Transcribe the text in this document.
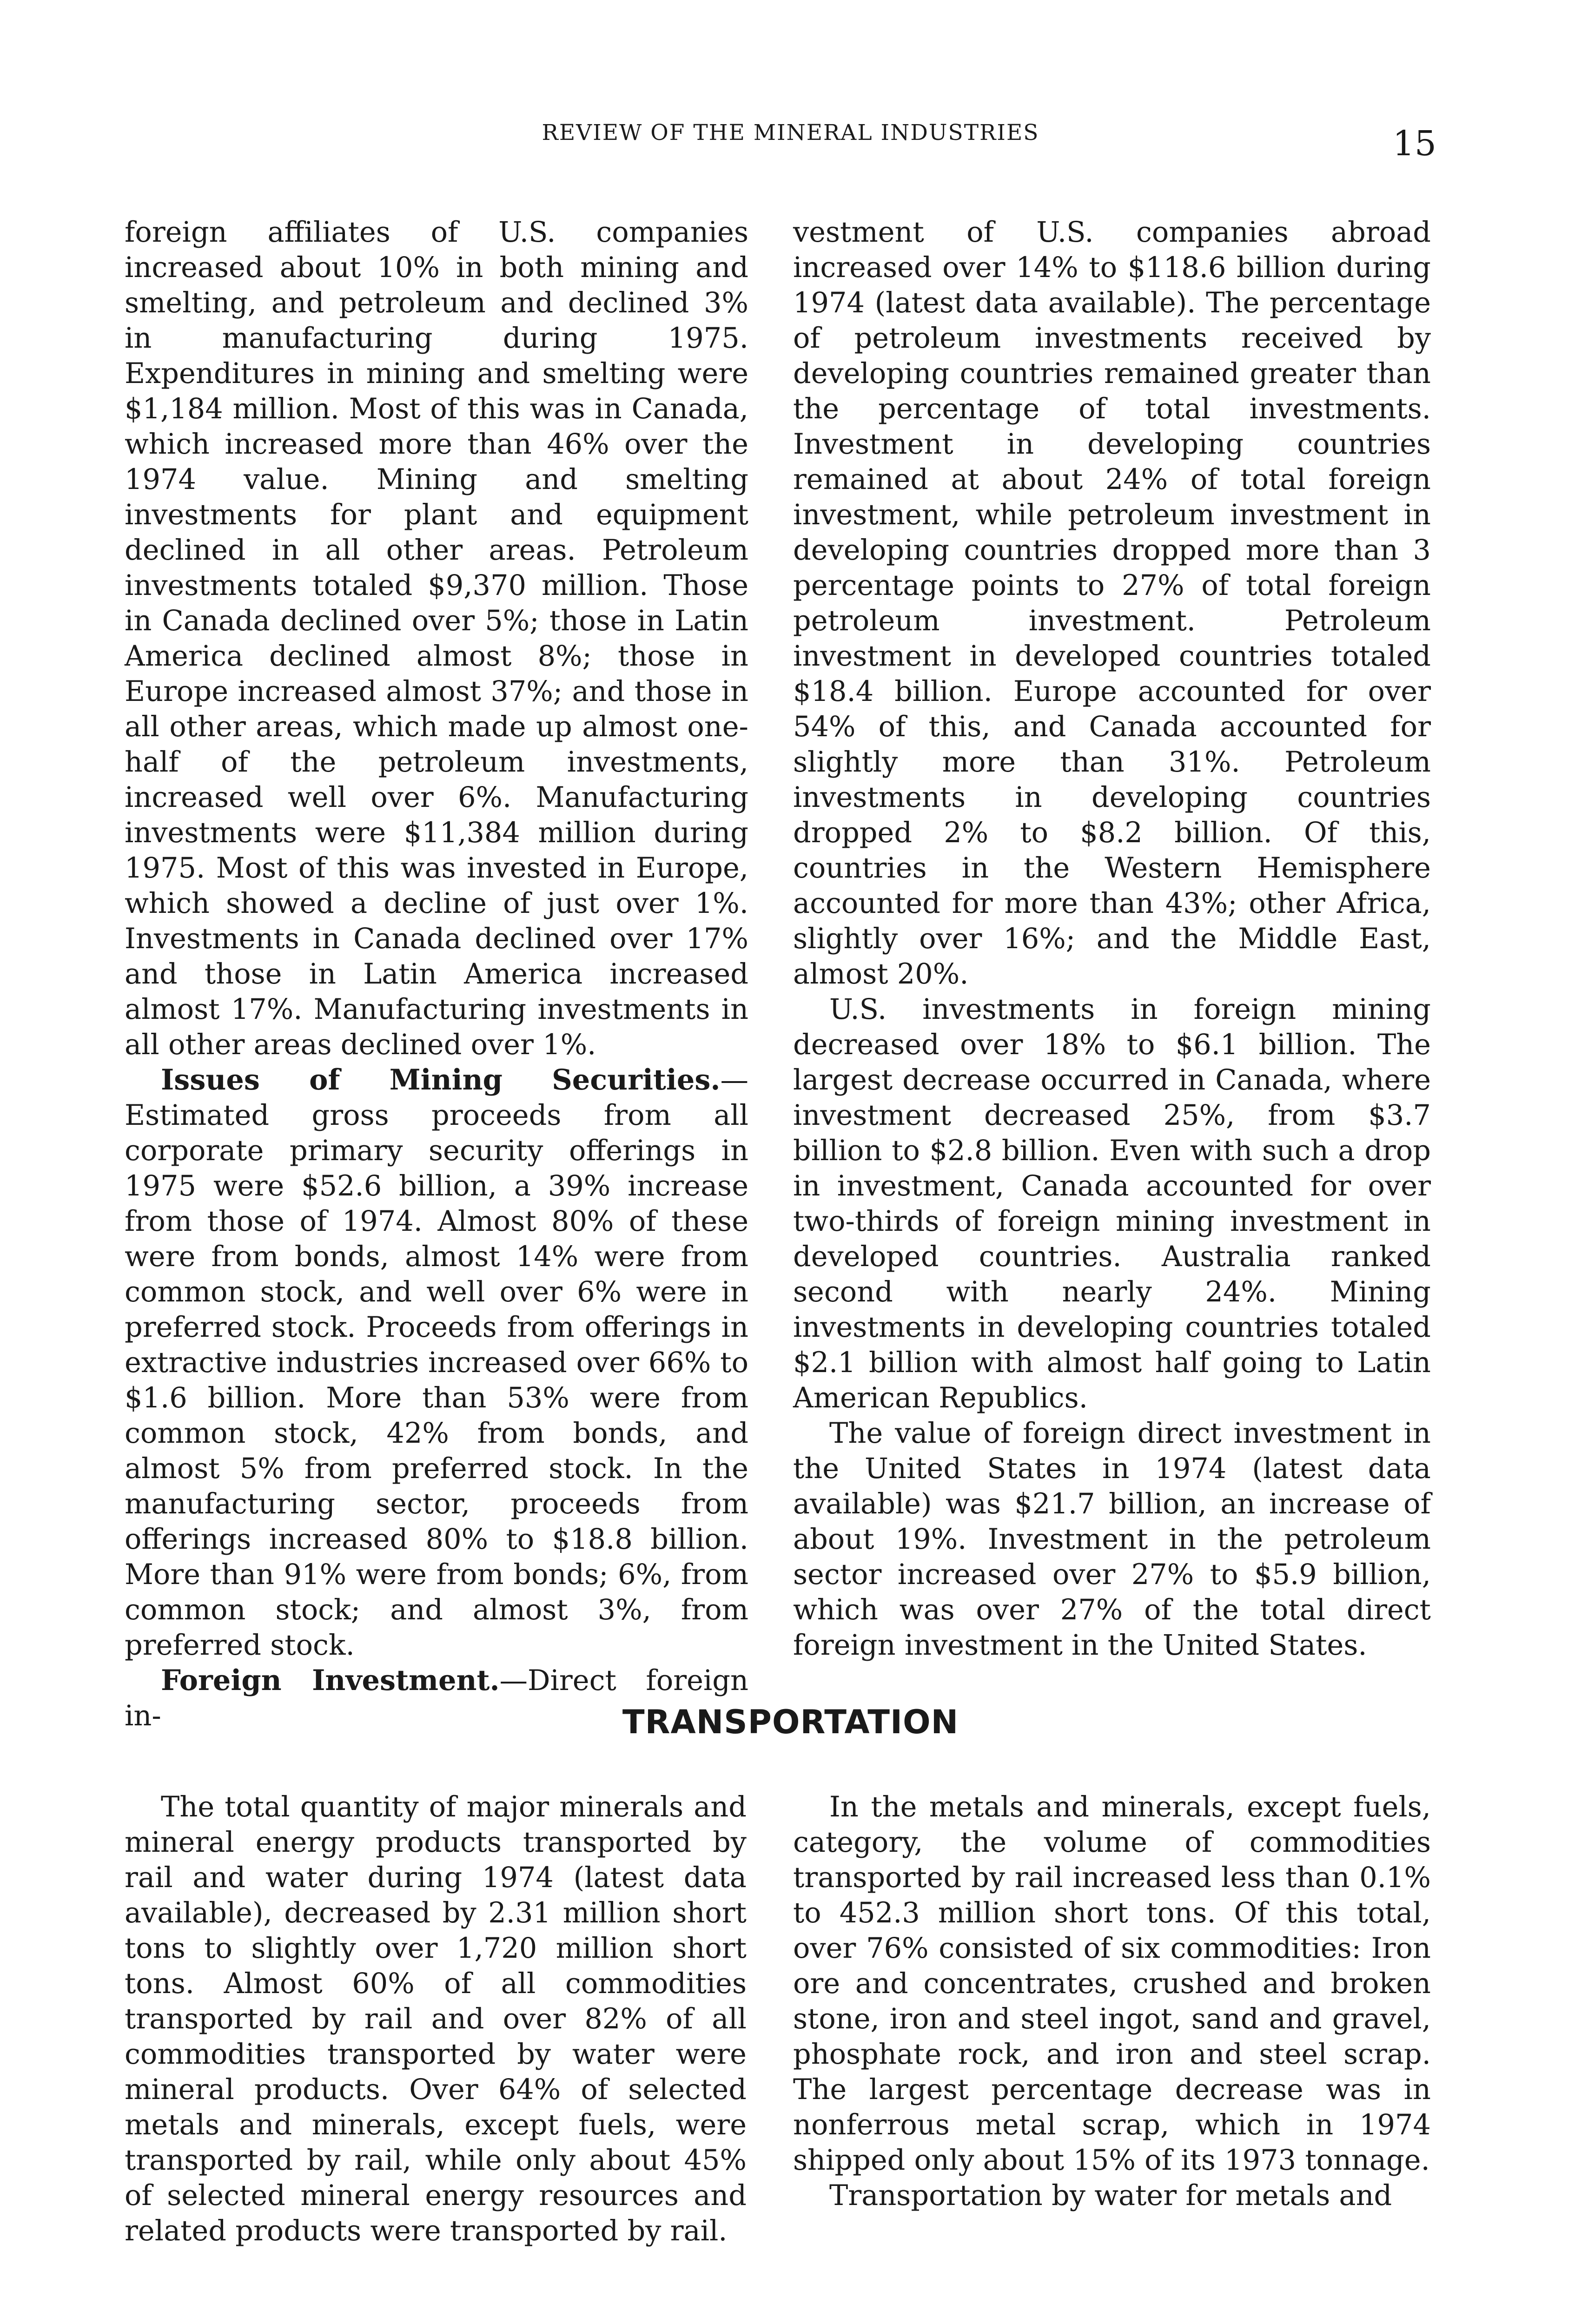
REVIEW OF THE MINERAL INDUSTRIES	15

foreign affiliates of U.S. companies increased about 10% in both mining and smelting, and petroleum and declined 3% in manufacturing during 1975. Expenditures in mining and smelting were $1,184 million. Most of this was in Canada, which increased more than 46% over the 1974 value. Mining and smelting investments for plant and equipment declined in all other areas. Petroleum investments totaled $9,370 million. Those in Canada declined over 5%; those in Latin America declined almost 8%; those in Europe increased almost 37%; and those in all other areas, which made up almost one-half of the petroleum investments, increased well over 6%. Manufacturing investments were $11,384 million during 1975. Most of this was invested in Europe, which showed a decline of just over 1%. Investments in Canada declined over 17% and those in Latin America increased almost 17%. Manufacturing investments in all other areas declined over 1%.

Issues of Mining Securities.—Estimated gross proceeds from all corporate primary security offerings in 1975 were $52.6 billion, a 39% increase from those of 1974. Almost 80% of these were from bonds, almost 14% were from common stock, and well over 6% were in preferred stock. Proceeds from offerings in extractive industries increased over 66% to $1.6 billion. More than 53% were from common stock, 42% from bonds, and almost 5% from preferred stock. In the manufacturing sector, proceeds from offerings increased 80% to $18.8 billion. More than 91% were from bonds; 6%, from common stock; and almost 3%, from preferred stock.

Foreign Investment.—Direct foreign in-

vestment of U.S. companies abroad increased over 14% to $118.6 billion during 1974 (latest data available). The percentage of petroleum investments received by developing countries remained greater than the percentage of total investments. Investment in developing countries remained at about 24% of total foreign investment, while petroleum investment in developing countries dropped more than 3 percentage points to 27% of total foreign petroleum investment. Petroleum investment in developed countries totaled $18.4 billion. Europe accounted for over 54% of this, and Canada accounted for slightly more than 31%. Petroleum investments in developing countries dropped 2% to $8.2 billion. Of this, countries in the Western Hemisphere accounted for more than 43%; other Africa, slightly over 16%; and the Middle East, almost 20%.

U.S. investments in foreign mining decreased over 18% to $6.1 billion. The largest decrease occurred in Canada, where investment decreased 25%, from $3.7 billion to $2.8 billion. Even with such a drop in investment, Canada accounted for over two-thirds of foreign mining investment in developed countries. Australia ranked second with nearly 24%. Mining investments in developing countries totaled $2.1 billion with almost half going to Latin American Republics.

The value of foreign direct investment in the United States in 1974 (latest data available) was $21.7 billion, an increase of about 19%. Investment in the petroleum sector increased over 27% to $5.9 billion, which was over 27% of the total direct foreign investment in the United States.

TRANSPORTATION

The total quantity of major minerals and mineral energy products transported by rail and water during 1974 (latest data available), decreased by 2.31 million short tons to slightly over 1,720 million short tons. Almost 60% of all commodities transported by rail and over 82% of all commodities transported by water were mineral products. Over 64% of selected metals and minerals, except fuels, were transported by rail, while only about 45% of selected mineral energy resources and related products were transported by rail.

In the metals and minerals, except fuels, category, the volume of commodities transported by rail increased less than 0.1% to 452.3 million short tons. Of this total, over 76% consisted of six commodities: Iron ore and concentrates, crushed and broken stone, iron and steel ingot, sand and gravel, phosphate rock, and iron and steel scrap. The largest percentage decrease was in nonferrous metal scrap, which in 1974 shipped only about 15% of its 1973 tonnage.

Transportation by water for metals and
